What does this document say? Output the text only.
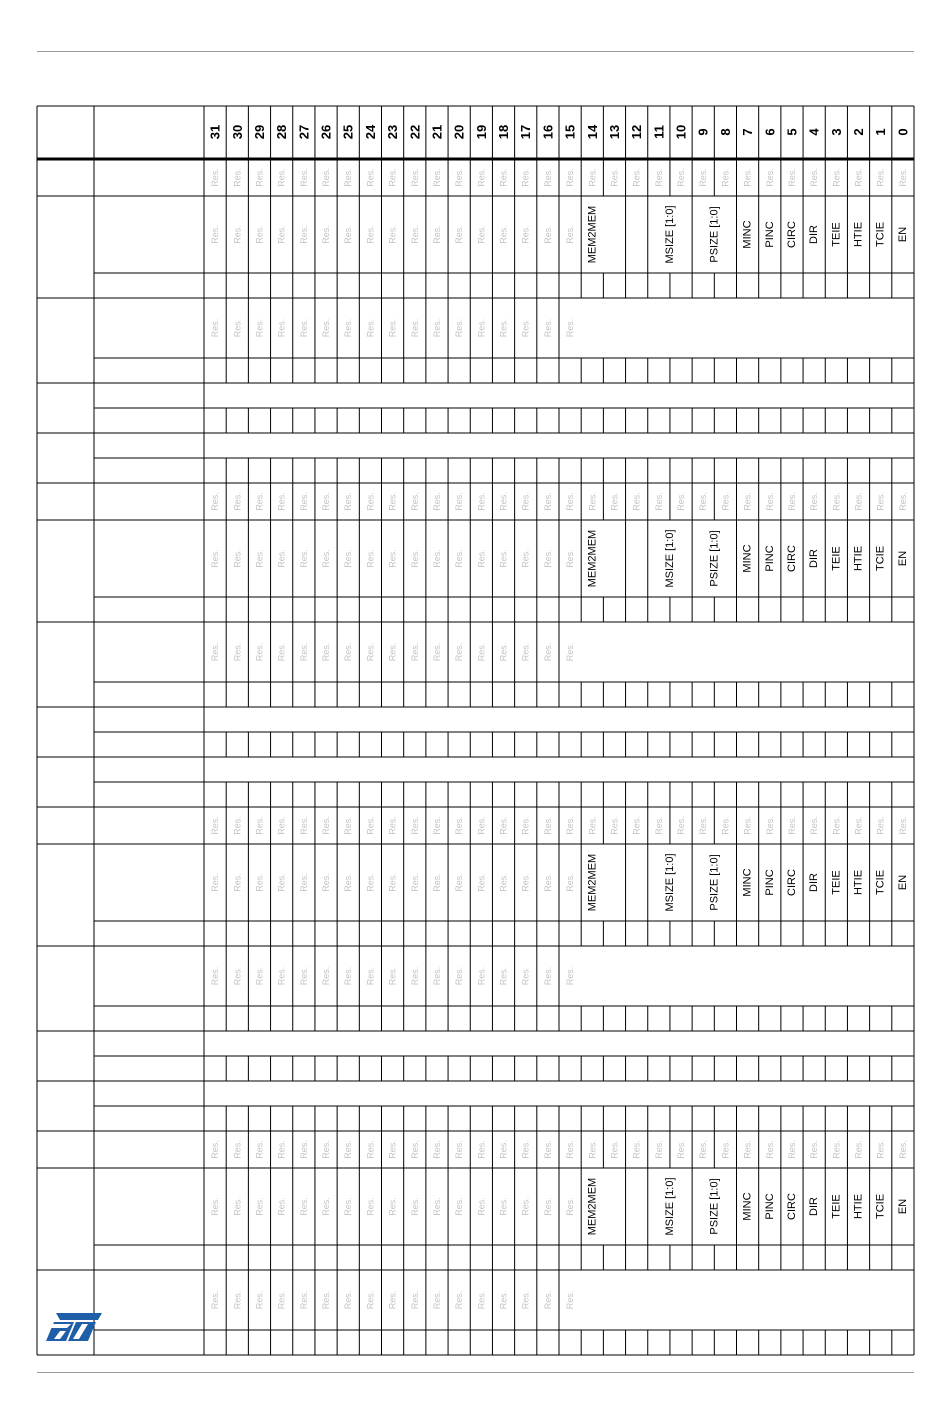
31 30 29 28 27 26 25 24 23 22 21 20 19 18 17 16 15 14 13 12 11 10 9 8 7 6 5 4 3 2 1 0
Res. Res. Res. Res. Res. Res. Res. Res. Res. Res. Res. Res. Res. Res. Res. Res. Res. Res. Res. Res. Res. Res. Res. Res. Res. Res. Res. Res. Res. Res. Res. Res.
Res. Res. Res. Res. Res. Res. Res. Res. Res. Res. Res. Res. Res. Res. Res. Res. Res. MEM2MEM	MSIZE [1:0]	PSIZE [1:0] MINC PINC CIRC DIR TEIE HTIE TCIE EN
Res. Res. Res. Res. Res. Res. Res. Res. Res. Res. Res. Res. Res. Res. Res. Res. Res.
Res. Res. Res. Res. Res. Res. Res. Res. Res. Res. Res. Res. Res. Res. Res. Res. Res. Res. Res. Res. Res. Res. Res. Res. Res. Res. Res. Res. Res. Res. Res. Res.
Res. Res. Res. Res. Res. Res. Res. Res. Res. Res. Res. Res. Res. Res. Res. Res. Res. MEM2MEM	MSIZE [1:0]	PSIZE [1:0] MINC PINC CIRC DIR TEIE HTIE TCIE EN
Res. Res. Res. Res. Res. Res. Res. Res. Res. Res. Res. Res. Res. Res. Res. Res. Res.
Res. Res. Res. Res. Res. Res. Res. Res. Res. Res. Res. Res. Res. Res. Res. Res. Res. Res. Res. Res. Res. Res. Res. Res. Res. Res. Res. Res. Res. Res. Res. Res.
Res. Res. Res. Res. Res. Res. Res. Res. Res. Res. Res. Res. Res. Res. Res. Res. Res. MEM2MEM	MSIZE [1:0]	PSIZE [1:0] MINC PINC CIRC DIR TEIE HTIE TCIE EN
Res. Res. Res. Res. Res. Res. Res. Res. Res. Res. Res. Res. Res. Res. Res. Res. Res.
Res. Res. Res. Res. Res. Res. Res. Res. Res. Res. Res. Res. Res. Res. Res. Res. Res. Res. Res. Res. Res. Res. Res. Res. Res. Res. Res. Res. Res. Res. Res. Res.
Res. Res. Res. Res. Res. Res. Res. Res. Res. Res. Res. Res. Res. Res. Res. Res. Res. MEM2MEM	MSIZE [1:0]	PSIZE [1:0] MINC PINC CIRC DIR TEIE HTIE TCIE EN
Res. Res. Res. Res. Res. Res. Res. Res. Res. Res. Res. Res. Res. Res. Res. Res. Res.
